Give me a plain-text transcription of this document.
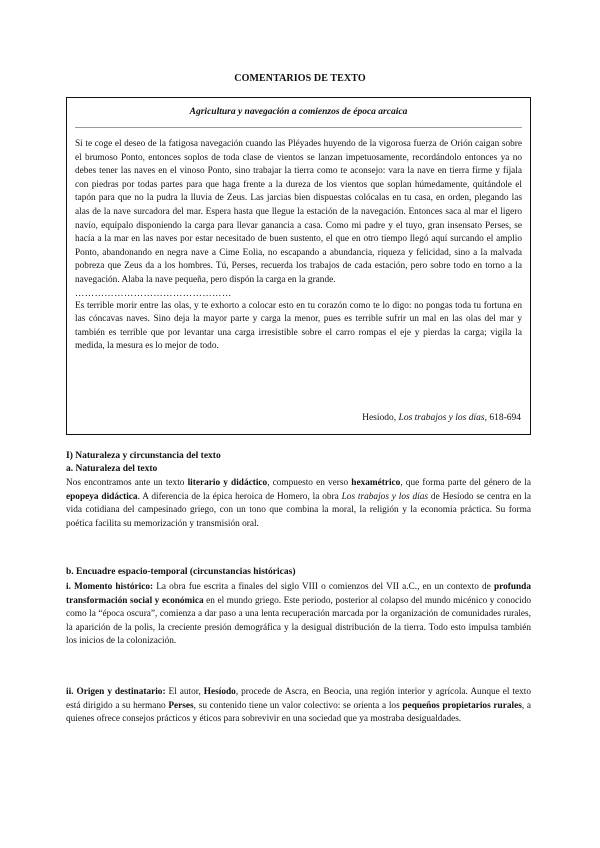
COMENTARIOS DE TEXTO
Agricultura y navegación a comienzos de época arcaica

Si te coge el deseo de la fatigosa navegación cuando las Pléyades huyendo de la vigorosa fuerza de Orión caigan sobre el brumoso Ponto, entonces soplos de toda clase de vientos se lanzan impetuosamente, recordándolo entonces ya no debes tener las naves en el vinoso Ponto, sino trabajar la tierra como te aconsejo: vara la nave en tierra firme y fíjala con piedras por todas partes para que haga frente a la dureza de los vientos que soplan húmedamente, quitándole el tapón para que no la pudra la lluvia de Zeus. Las jarcias bien dispuestas colócalas en tu casa, en orden, plegando las alas de la nave surcadora del mar. Espera hasta que llegue la estación de la navegación. Entonces saca al mar el ligero navío, equípalo disponiendo la carga para llevar ganancia a casa. Como mi padre y el tuyo, gran insensato Perses, se hacía a la mar en las naves por estar necesitado de buen sustento, el que en otro tiempo llegó aquí surcando el amplio Ponto, abandonando en negra nave a Cime Eolia, no escapando a abundancia, riqueza y felicidad, sino a la malvada pobreza que Zeus da a los hombres. Tú, Perses, recuerda los trabajos de cada estación, pero sobre todo en torno a la navegación. Alaba la nave pequeña, pero dispón la carga en la grande.

…………………………………………

Es terrible morir entre las olas, y te exhorto a colocar esto en tu corazón como te lo digo: no pongas toda tu fortuna en las cóncavas naves. Sino deja la mayor parte y carga la menor, pues es terrible sufrir un mal en las olas del mar y también es terrible que por levantar una carga irresistible sobre el carro rompas el eje y pierdas la carga; vigila la medida, la mesura es lo mejor de todo.

Hesíodo, Los trabajos y los días, 618-694
I) Naturaleza y circunstancia del texto
a. Naturaleza del texto

Nos encontramos ante un texto literario y didáctico, compuesto en verso hexamétrico, que forma parte del género de la epopeya didáctica. A diferencia de la épica heroica de Homero, la obra Los trabajos y los días de Hesíodo se centra en la vida cotidiana del campesinado griego, con un tono que combina la moral, la religión y la economía práctica. Su forma poética facilita su memorización y transmisión oral.

b. Encuadre espacio-temporal (circunstancias históricas)

i. Momento histórico: La obra fue escrita a finales del siglo VIII o comienzos del VII a.C., en un contexto de profunda transformación social y económica en el mundo griego. Este periodo, posterior al colapso del mundo micénico y conocido como la “época oscura”, comienza a dar paso a una lenta recuperación marcada por la organización de comunidades rurales, la aparición de la polis, la creciente presión demográfica y la desigual distribución de la tierra. Todo esto impulsa también los inicios de la colonización.

ii. Origen y destinatario: El autor, Hesíodo, procede de Ascra, en Beocia, una región interior y agrícola. Aunque el texto está dirigido a su hermano Perses, su contenido tiene un valor colectivo: se orienta a los pequeños propietarios rurales, a quienes ofrece consejos prácticos y éticos para sobrevivir en una sociedad que ya mostraba desigualdades.
